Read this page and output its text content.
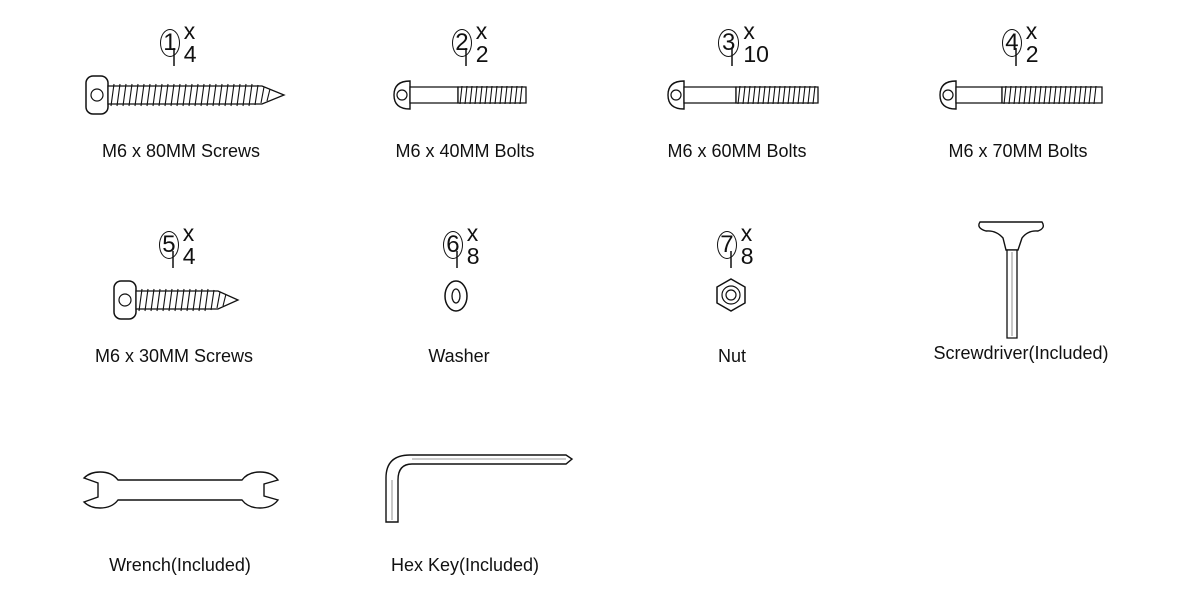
1 x 4
M6 x 80MM Screws
2 x 2
M6 x 40MM Bolts
3 x 10
M6 x 60MM Bolts
4 x 2
M6 x 70MM Bolts
5 x 4
M6 x 30MM Screws
6 x 8
Washer
7 x 8
Nut	Screwdriver(Included)
Wrench(Included)	Hex Key(Included)
